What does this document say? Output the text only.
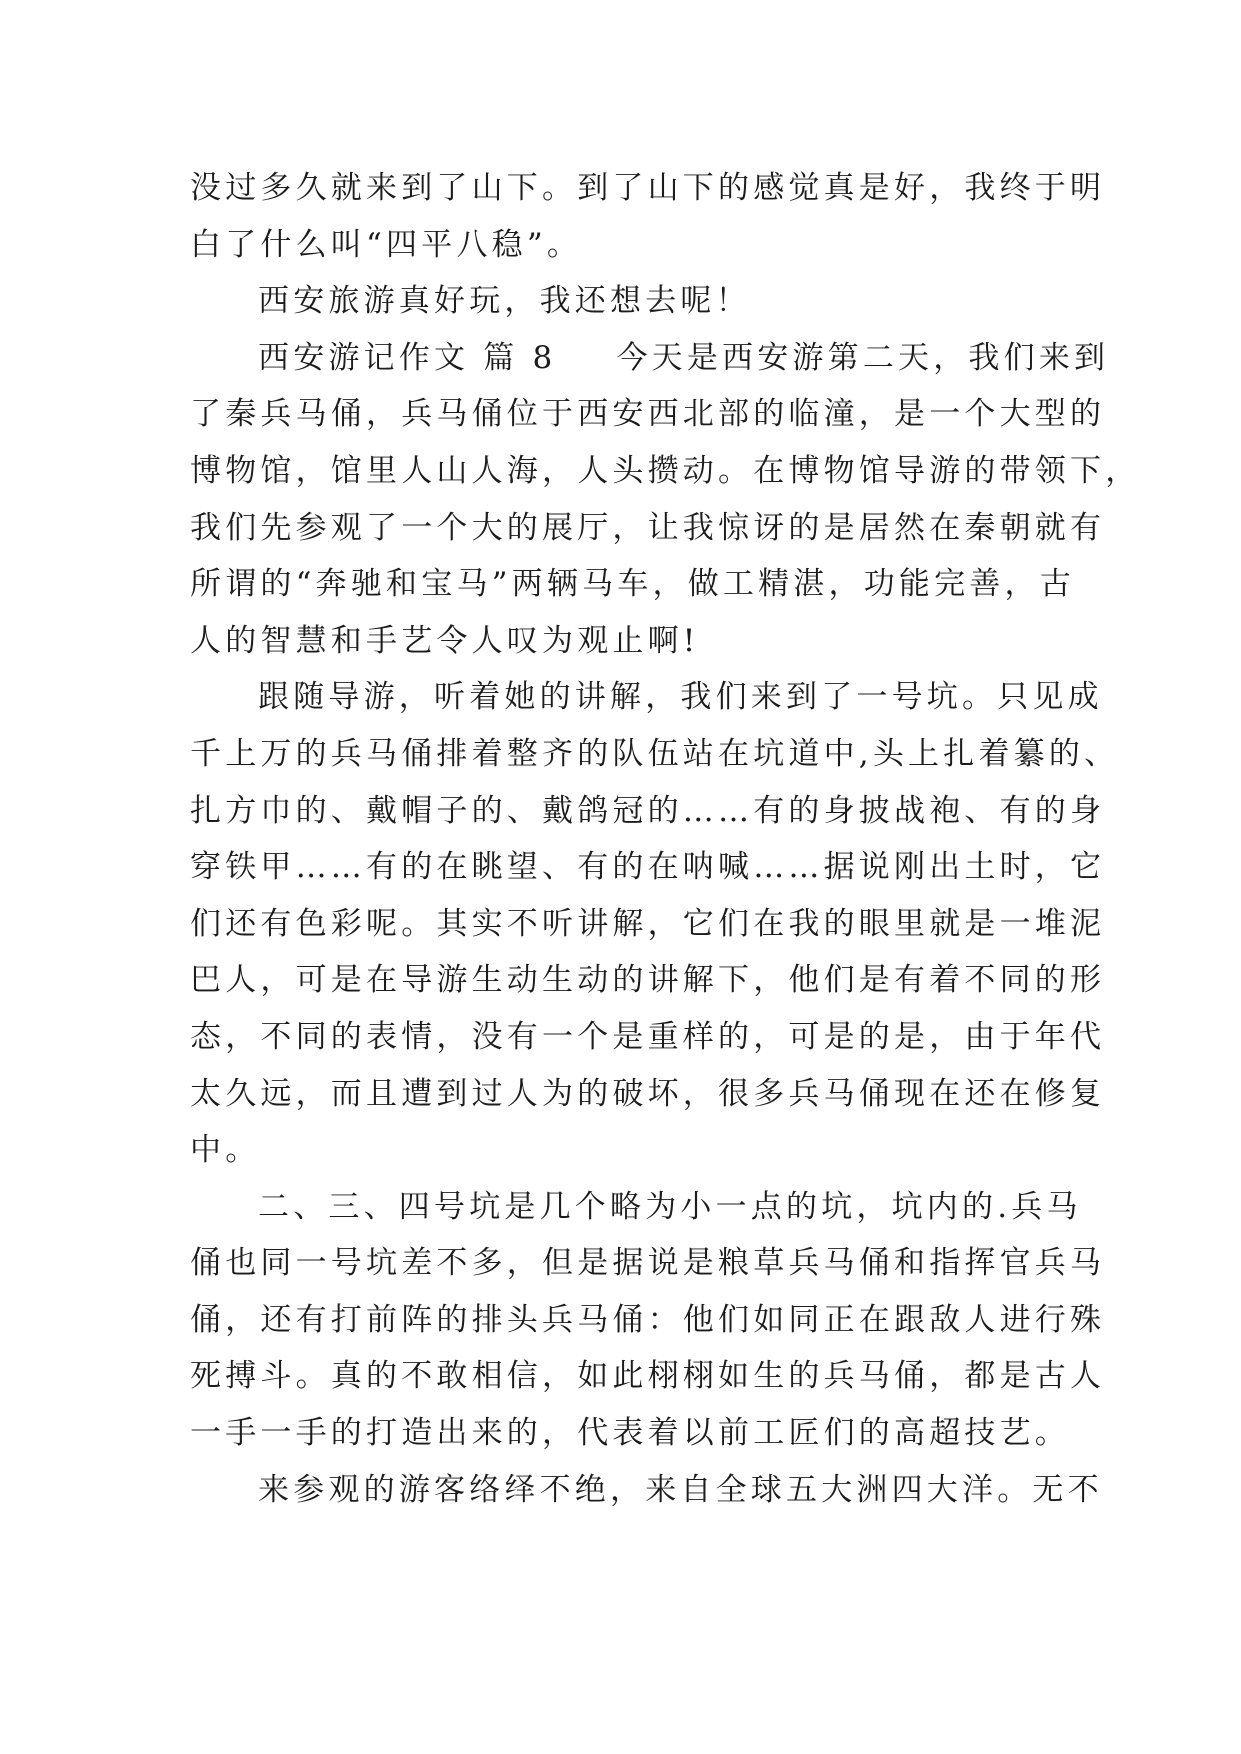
没过多久就来到了山下。到了山下的感觉真是好，我终于明
白了什么叫“四平八稳”。
西安旅游真好玩，我还想去呢！
西安游记作文 篇 8 今天是西安游第二天，我们来到
了秦兵马俑，兵马俑位于西安西北部的临潼，是一个大型的
博物馆，馆里人山人海，人头攒动。在博物馆导游的带领下，
我们先参观了一个大的展厅，让我惊讶的是居然在秦朝就有
所谓的“奔驰和宝马”两辆马车，做工精湛，功能完善，古
人的智慧和手艺令人叹为观止啊!
跟随导游，听着她的讲解，我们来到了一号坑。只见成
千上万的兵马俑排着整齐的队伍站在坑道中,头上扎着纂的、
扎方巾的、戴帽子的、戴鸽冠的……有的身披战袍、有的身
穿铁甲……有的在眺望、有的在呐喊……据说刚出土时，它
们还有色彩呢。其实不听讲解，它们在我的眼里就是一堆泥
巴人，可是在导游生动生动的讲解下，他们是有着不同的形
态，不同的表情，没有一个是重样的，可是的是，由于年代
太久远，而且遭到过人为的破坏，很多兵马俑现在还在修复
中。
二、三、四号坑是几个略为小一点的坑，坑内的.兵马
俑也同一号坑差不多，但是据说是粮草兵马俑和指挥官兵马
俑，还有打前阵的排头兵马俑：他们如同正在跟敌人进行殊
死搏斗。真的不敢相信，如此栩栩如生的兵马俑，都是古人
一手一手的打造出来的，代表着以前工匠们的高超技艺。
来参观的游客络绎不绝，来自全球五大洲四大洋。无不
